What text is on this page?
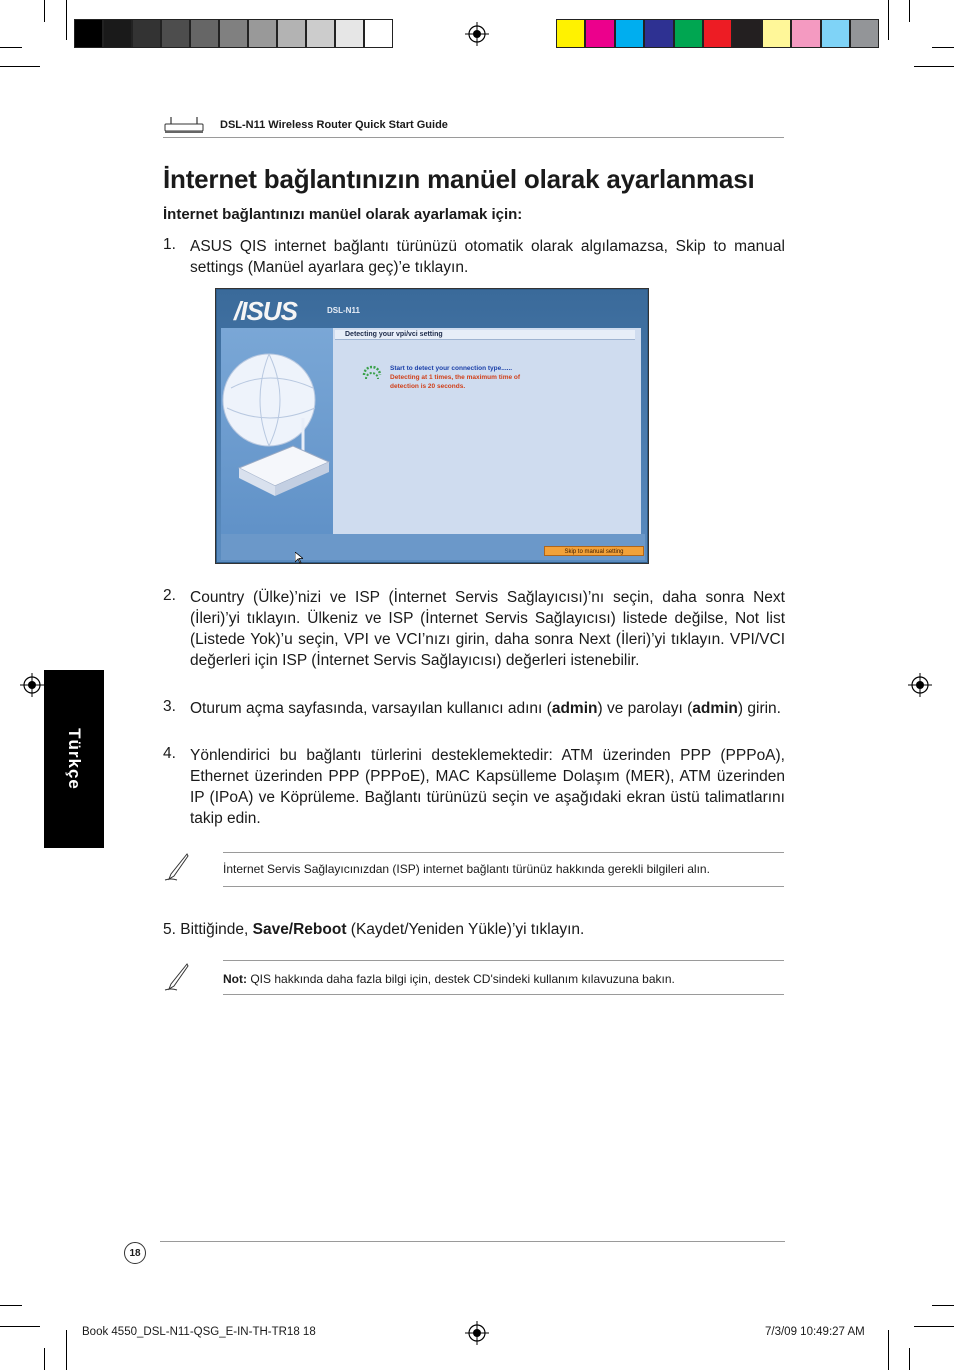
DSL-N11 Wireless Router Quick Start Guide
İnternet bağlantınızın manüel olarak ayarlanması
İnternet bağlantınızı manüel olarak ayarlamak için:
1. ASUS QIS internet bağlantı türünüzü otomatik olarak algılamazsa, Skip to manual settings (Manüel ayarlara geç)’e tıklayın.
/ISUS	DSL-N11
Detecting your vpi/vci setting
Start to detect your connection type......
Detecting at 1 times, the maximum time of
detection is 20 seconds.
Skip to manual setting
2. Country (Ülke)’nizi ve ISP (İnternet Servis Sağlayıcısı)’nı seçin, daha sonra Next (İleri)’yi tıklayın. Ülkeniz ve ISP (İnternet Servis Sağlayıcısı) listede değilse, Not list (Listede Yok)’u seçin, VPI ve VCI’nızı girin, daha sonra Next (İleri)’yi tıklayın. VPI/VCI değerleri için ISP (İnternet Servis Sağlayıcısı) değerleri istenebilir.
3. Oturum açma sayfasında, varsayılan kullanıcı adını (admin) ve parolayı (admin) girin.
4. Yönlendirici bu bağlantı türlerini desteklemektedir: ATM üzerinden PPP (PPPoA), Ethernet üzerinden PPP (PPPoE), MAC Kapsülleme Dolaşım (MER), ATM üzerinden IP (IPoA) ve Köprüleme. Bağlantı türünüzü seçin ve aşağıdaki ekran üstü talimatlarını takip edin.
İnternet Servis Sağlayıcınızdan (ISP) internet bağlantı türünüz hakkında gerekli bilgileri alın.
5. Bittiğinde, Save/Reboot (Kaydet/Yeniden Yükle)’yi tıklayın.
Not: QIS hakkında daha fazla bilgi için, destek CD'sindeki kullanım kılavuzuna bakın.
Türkçe
18
Book 4550_DSL-N11-QSG_E-IN-TH-TR18 18	7/3/09 10:49:27 AM
